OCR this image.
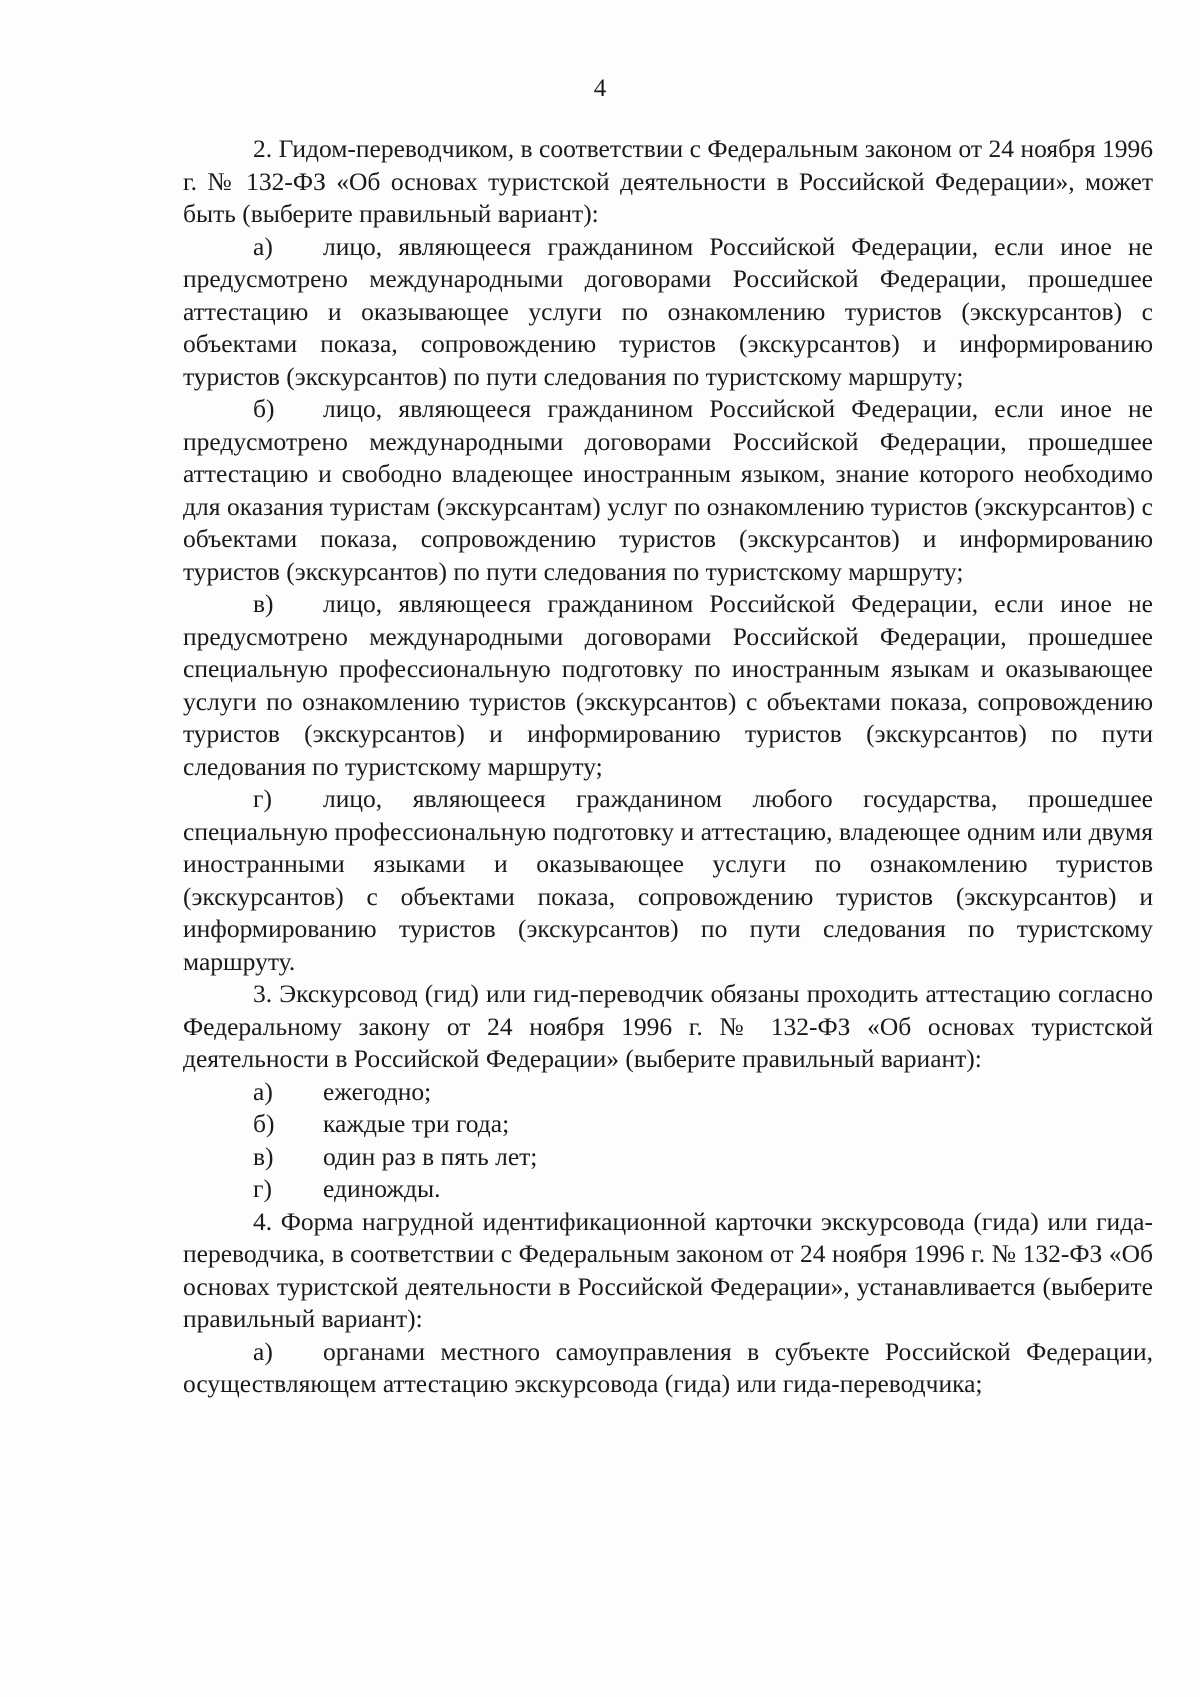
4

2. Гидом-переводчиком, в соответствии с Федеральным законом от 24 ноября 1996 г. № 132-ФЗ «Об основах туристской деятельности в Российской Федерации», может быть (выберите правильный вариант):

а) лицо, являющееся гражданином Российской Федерации, если иное не предусмотрено международными договорами Российской Федерации, прошедшее аттестацию и оказывающее услуги по ознакомлению туристов (экскурсантов) с объектами показа, сопровождению туристов (экскурсантов) и информированию туристов (экскурсантов) по пути следования по туристскому маршруту;

б) лицо, являющееся гражданином Российской Федерации, если иное не предусмотрено международными договорами Российской Федерации, прошедшее аттестацию и свободно владеющее иностранным языком, знание которого необходимо для оказания туристам (экскурсантам) услуг по ознакомлению туристов (экскурсантов) с объектами показа, сопровождению туристов (экскурсантов) и информированию туристов (экскурсантов) по пути следования по туристскому маршруту;

в) лицо, являющееся гражданином Российской Федерации, если иное не предусмотрено международными договорами Российской Федерации, прошедшее специальную профессиональную подготовку по иностранным языкам и оказывающее услуги по ознакомлению туристов (экскурсантов) с объектами показа, сопровождению туристов (экскурсантов) и информированию туристов (экскурсантов) по пути следования по туристскому маршруту;

г) лицо, являющееся гражданином любого государства, прошедшее специальную профессиональную подготовку и аттестацию, владеющее одним или двумя иностранными языками и оказывающее услуги по ознакомлению туристов (экскурсантов) с объектами показа, сопровождению туристов (экскурсантов) и информированию туристов (экскурсантов) по пути следования по туристскому маршруту.

3. Экскурсовод (гид) или гид-переводчик обязаны проходить аттестацию согласно Федеральному закону от 24 ноября 1996 г. № 132-ФЗ «Об основах туристской деятельности в Российской Федерации» (выберите правильный вариант):

а) ежегодно;

б) каждые три года;

в) один раз в пять лет;

г) единожды.

4. Форма нагрудной идентификационной карточки экскурсовода (гида) или гида-переводчика, в соответствии с Федеральным законом от 24 ноября 1996 г. № 132-ФЗ «Об основах туристской деятельности в Российской Федерации», устанавливается (выберите правильный вариант):

а) органами местного самоуправления в субъекте Российской Федерации, осуществляющем аттестацию экскурсовода (гида) или гида-переводчика;
